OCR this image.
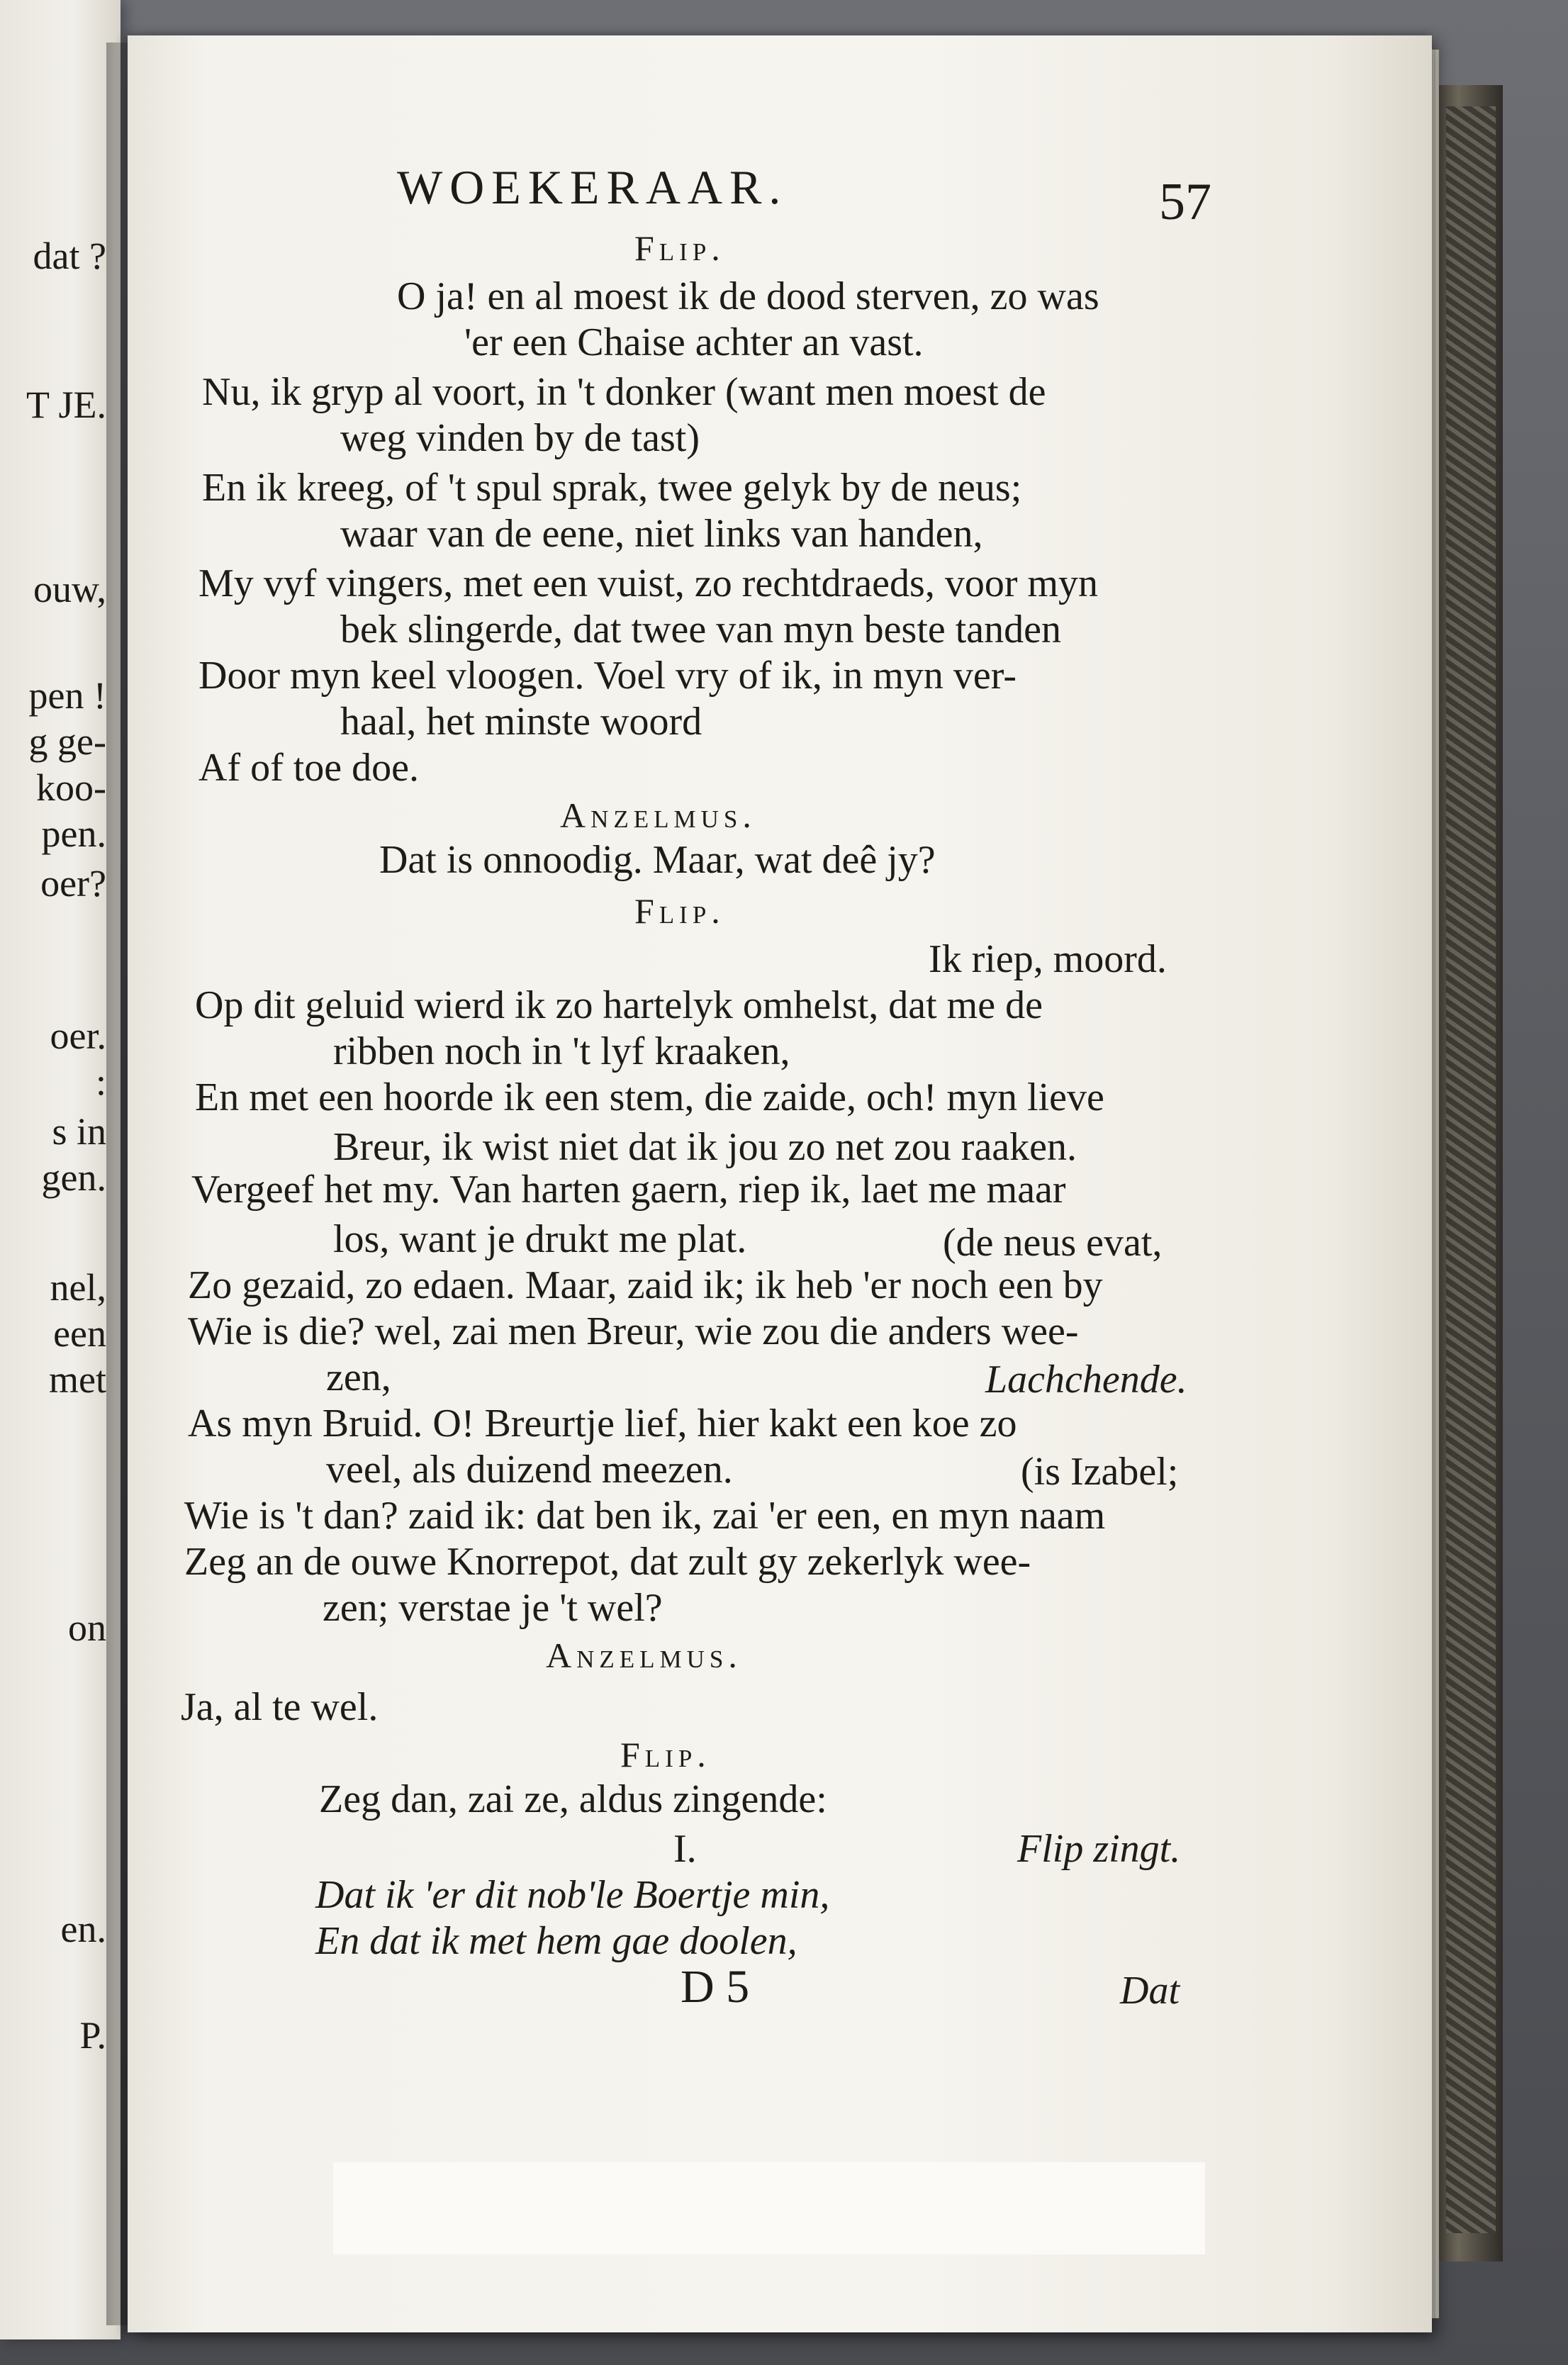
dat ?
T JE.
ouw,
pen !
g ge-
koo-
pen.
oer?
oer.
:
s in
gen.
nel,
een
met
on
en.
P.
WOEKERAAR.	57
Flip.
O ja! en al moest ik de dood sterven, zo was
'er een Chaise achter an vast.
Nu, ik gryp al voort, in 't donker (want men moest de
weg vinden by de tast)
En ik kreeg, of 't spul sprak, twee gelyk by de neus;
waar van de eene, niet links van handen,
My vyf vingers, met een vuist, zo rechtdraeds, voor myn
bek slingerde, dat twee van myn beste tanden
Door myn keel vloogen. Voel vry of ik, in myn ver-
haal, het minste woord
Af of toe doe.
Anzelmus.
Dat is onnoodig. Maar, wat deê jy?
Flip.
Ik riep, moord.
Op dit geluid wierd ik zo hartelyk omhelst, dat me de
ribben noch in 't lyf kraaken,
En met een hoorde ik een stem, die zaide, och! myn lieve
Breur, ik wist niet dat ik jou zo net zou raaken.
Vergeef het my. Van harten gaern, riep ik, laet me maar
los, want je drukt me plat.	(de neus evat,
Zo gezaid, zo edaen. Maar, zaid ik; ik heb 'er noch een by
Wie is die? wel, zai men Breur, wie zou die anders wee-
zen,	Lachchende.
As myn Bruid. O! Breurtje lief, hier kakt een koe zo
veel, als duizend meezen.	(is Izabel;
Wie is 't dan? zaid ik: dat ben ik, zai 'er een, en myn naam
Zeg an de ouwe Knorrepot, dat zult gy zekerlyk wee-
zen; verstae je 't wel?
Anzelmus.
Ja, al te wel.
Flip.
Zeg dan, zai ze, aldus zingende:
I.	Flip zingt.
Dat ik 'er dit nob'le Boertje min,
En dat ik met hem gae doolen,
D 5	Dat
